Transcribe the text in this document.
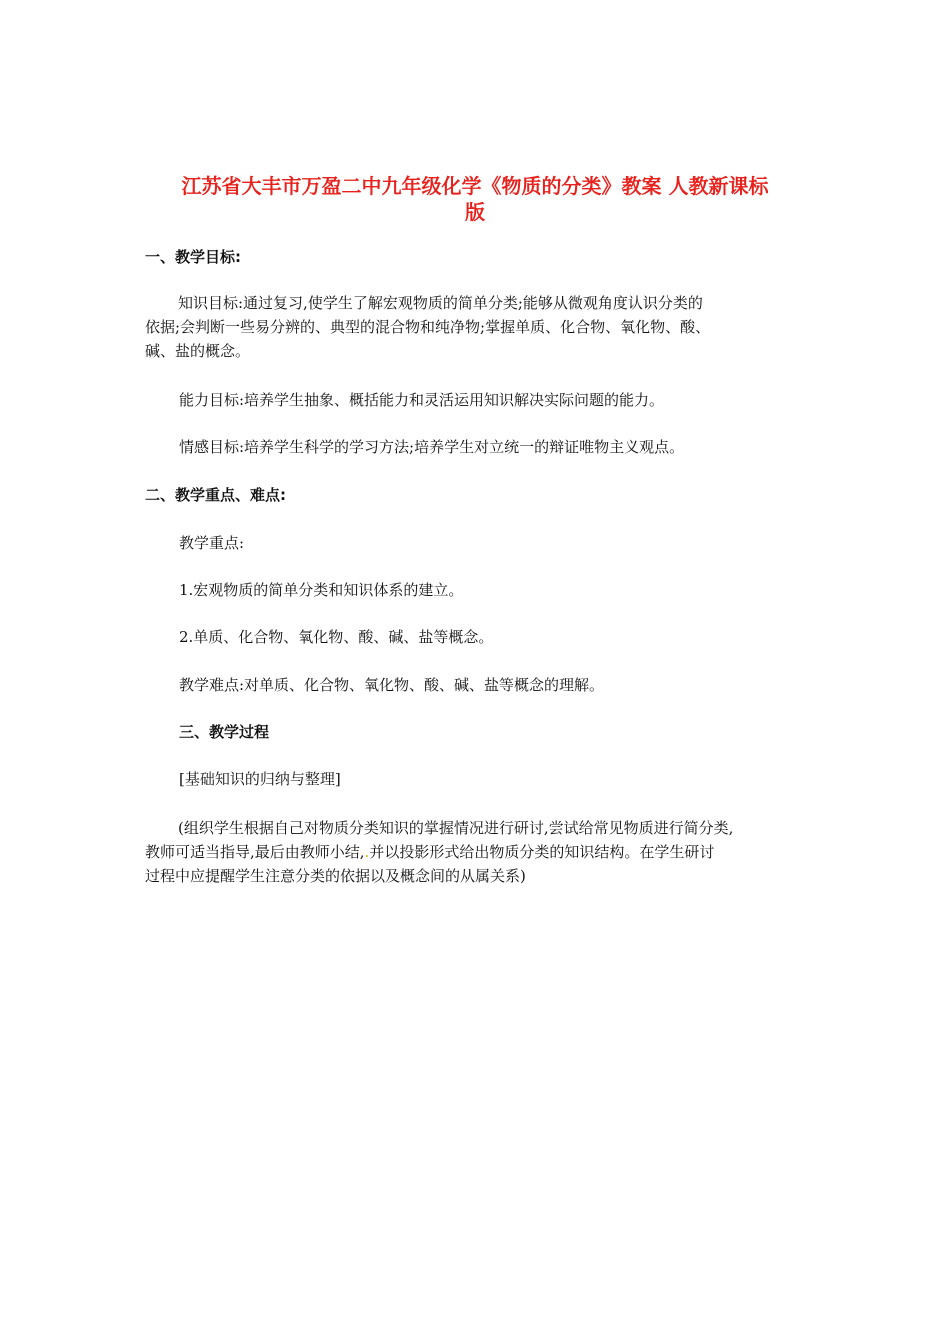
江苏省大丰市万盈二中九年级化学《物质的分类》教案 人教新课标
版

一、教学目标:

知识目标:通过复习,使学生了解宏观物质的简单分类;能够从微观角度认识分类的
依据;会判断一些易分辨的、典型的混合物和纯净物;掌握单质、化合物、氧化物、酸、
碱、盐的概念。

能力目标:培养学生抽象、概括能力和灵活运用知识解决实际问题的能力。

情感目标:培养学生科学的学习方法;培养学生对立统一的辩证唯物主义观点。

二、教学重点、难点:

教学重点:

1.宏观物质的简单分类和知识体系的建立。

2.单质、化合物、氧化物、酸、碱、盐等概念。

教学难点:对单质、化合物、氧化物、酸、碱、盐等概念的理解。

三、教学过程

[基础知识的归纳与整理]

(组织学生根据自己对物质分类知识的掌握情况进行研讨,尝试给常见物质进行简分类,
教师可适当指导,最后由教师小结,.并以投影形式给出物质分类的知识结构。在学生研讨
过程中应提醒学生注意分类的依据以及概念间的从属关系)
